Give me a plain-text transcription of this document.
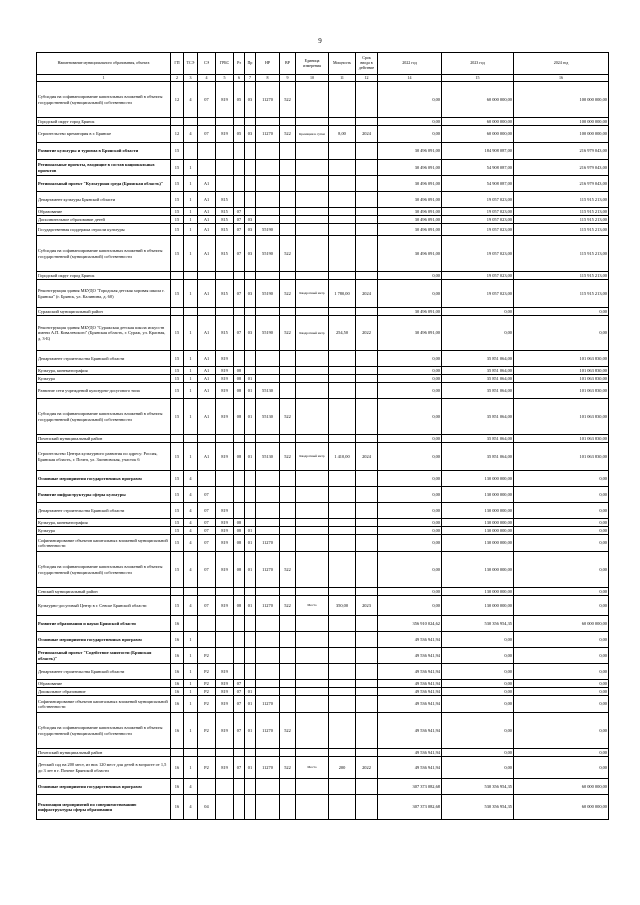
9
Наименование муниципального образования, объекта	ГП	ТСЭ	СЭ	ГРБС	Рз	Пр	НР	ВР	Единица измерения	Мощность	Срок ввода в действие	2022 год	2023 год	2024 год
1	2	3	4	5	6	7	8	9	10	11	12	14	15	16
Субсидия на софинансирование капитальных вложений в объекты государственной (муниципальной) собственности	12	4	07	819	05	03	11270	522				0,00	60 000 000,00	100 000 000,00
Городской округ город Брянск												0,00	60 000 000,00	100 000 000,00
Строительство крематория в г. Брянске	12	4	07	819	05	03	11270	522	Кремация в сутки	8,00	2024	0,00	60 000 000,00	100 000 000,00
Развитие культуры и туризма в Брянской области	15											30 496 091,00	184 908 087,00	216 979 043,00
Региональные проекты, входящие в состав национальных проектов	15	1										30 496 091,00	54 908 087,00	216 979 043,00
Региональный проект "Культурная среда (Брянская область)"	15	1	А1									30 496 091,00	54 908 087,00	216 979 043,00
Департамент культуры Брянской области	15	1	А1	815								30 496 091,00	19 057 023,00	115 915 213,00
Образование	15	1	А1	815	07							30 496 091,00	19 057 023,00	115 915 213,00
Дополнительное образование детей	15	1	А1	815	07	03						30 496 091,00	19 057 023,00	115 915 213,00
Государственная поддержка отрасли культуры	15	1	А1	815	07	03	55190					30 496 091,00	19 057 023,00	115 915 213,00
Субсидия на софинансирование капитальных вложений в объекты государственной (муниципальной) собственности	15	1	А1	815	07	03	55190	522				30 496 091,00	19 057 023,00	115 915 213,00
Городской округ город Брянск												0,00	19 057 023,00	115 915 213,00
Реконструкция здания МБУДО "Городская детская хоровая школа г. Брянска" (г. Брянск, ул. Калинина, д. 60)	15	1	А1	815	07	03	55190	522	Квадратный метр	1 780,00	2024	0,00	19 057 023,00	115 915 213,00
Суражский муниципальный район												30 496 091,00	0,00	0,00
Реконструкция здания МБУДО "Суражская детская школа искусств имени А.П. Ковалевского" (Брянская область, г. Сураж, ул. Красная, д. 3-Б)	15	1	А1	815	07	03	55190	522	Квадратный метр	254,50	2022	30 496 091,00	0,00	0,00
Департамент строительства Брянской области	15	1	А1	819								0,00	35 851 064,00	101 063 830,00
Культура, кинематография	15	1	А1	819	08							0,00	35 851 064,00	101 063 830,00
Культура	15	1	А1	819	08	01						0,00	35 851 064,00	101 063 830,00
Развитие сети учреждений культурно-досугового типа	15	1	А1	819	08	01	55130					0,00	35 851 064,00	101 063 830,00
Субсидия на софинансирование капитальных вложений в объекты государственной (муниципальной) собственности	15	1	А1	819	08	01	55130	522				0,00	35 851 064,00	101 063 830,00
Почепский муниципальный район												0,00	35 851 064,00	101 063 830,00
Строительство Центра культурного развития по адресу: Россия, Брянская область, г. Почеп, ул. Заочновская, участок 6	15	1	А1	819	08	01	55130	522	Квадратный метр	1 410,00	2024	0,00	35 851 064,00	101 063 830,00
Основные мероприятия государственных программ	15	4										0,00	130 000 000,00	0,00
Развитие инфраструктуры сферы культуры	15	4	07									0,00	130 000 000,00	0,00
Департамент строительства Брянской области	15	4	07	819								0,00	130 000 000,00	0,00
Культура, кинематография	15	4	07	819	08							0,00	130 000 000,00	0,00
Культура	15	4	07	819	08	01						0,00	130 000 000,00	0,00
Софинансирование объектов капитальных вложений муниципальной собственности	15	4	07	819	08	01	11270					0,00	130 000 000,00	0,00
Субсидия на софинансирование капитальных вложений в объекты государственной (муниципальной) собственности	15	4	07	819	08	01	11270	522				0,00	130 000 000,00	0,00
Севский муниципальный район												0,00	130 000 000,00	0,00
Культурно-досуговый Центр в г. Севске Брянской области	15	4	07	819	08	01	11270	522	Место	350,00	2023	0,00	130 000 000,00	0,00
Развитие образования и науки Брянской области	16											356 910 024,62	530 356 954,35	60 000 000,00
Основные мероприятия государственных программ	16	1										49 536 941,94	0,00	0,00
Региональный проект "Содействие занятости (Брянская область)"	16	1	Р2									49 536 941,94	0,00	0,00
Департамент строительства Брянской области	16	1	Р2	819								49 536 941,94	0,00	0,00
Образование	16	1	Р2	819	07							49 536 941,94	0,00	0,00
Дошкольное образование	16	1	Р2	819	07	01						49 536 941,94	0,00	0,00
Софинансирование объектов капитальных вложений муниципальной собственности	16	1	Р2	819	07	01	11270					49 536 941,94	0,00	0,00
Субсидия на софинансирование капитальных вложений в объекты государственной (муниципальной) собственности	16	1	Р2	819	07	01	11270	522				49 536 941,94	0,00	0,00
Почепский муниципальный район												49 536 941,94	0,00	0,00
Детский сад на 200 мест, из них 120 мест для детей в возрасте от 1,5 до 3 лет в г. Почепе Брянской области	16	1	Р2	819	07	01	11270	522	Место	200	2022	49 536 941,94	0,00	0,00
Основные мероприятия государственных программ	16	4										307 373 082,68	530 356 954,35	60 000 000,00
Реализация мероприятий по совершенствованию инфраструктуры сферы образования	16	4	04									307 373 082,68	530 356 954,35	60 000 000,00
